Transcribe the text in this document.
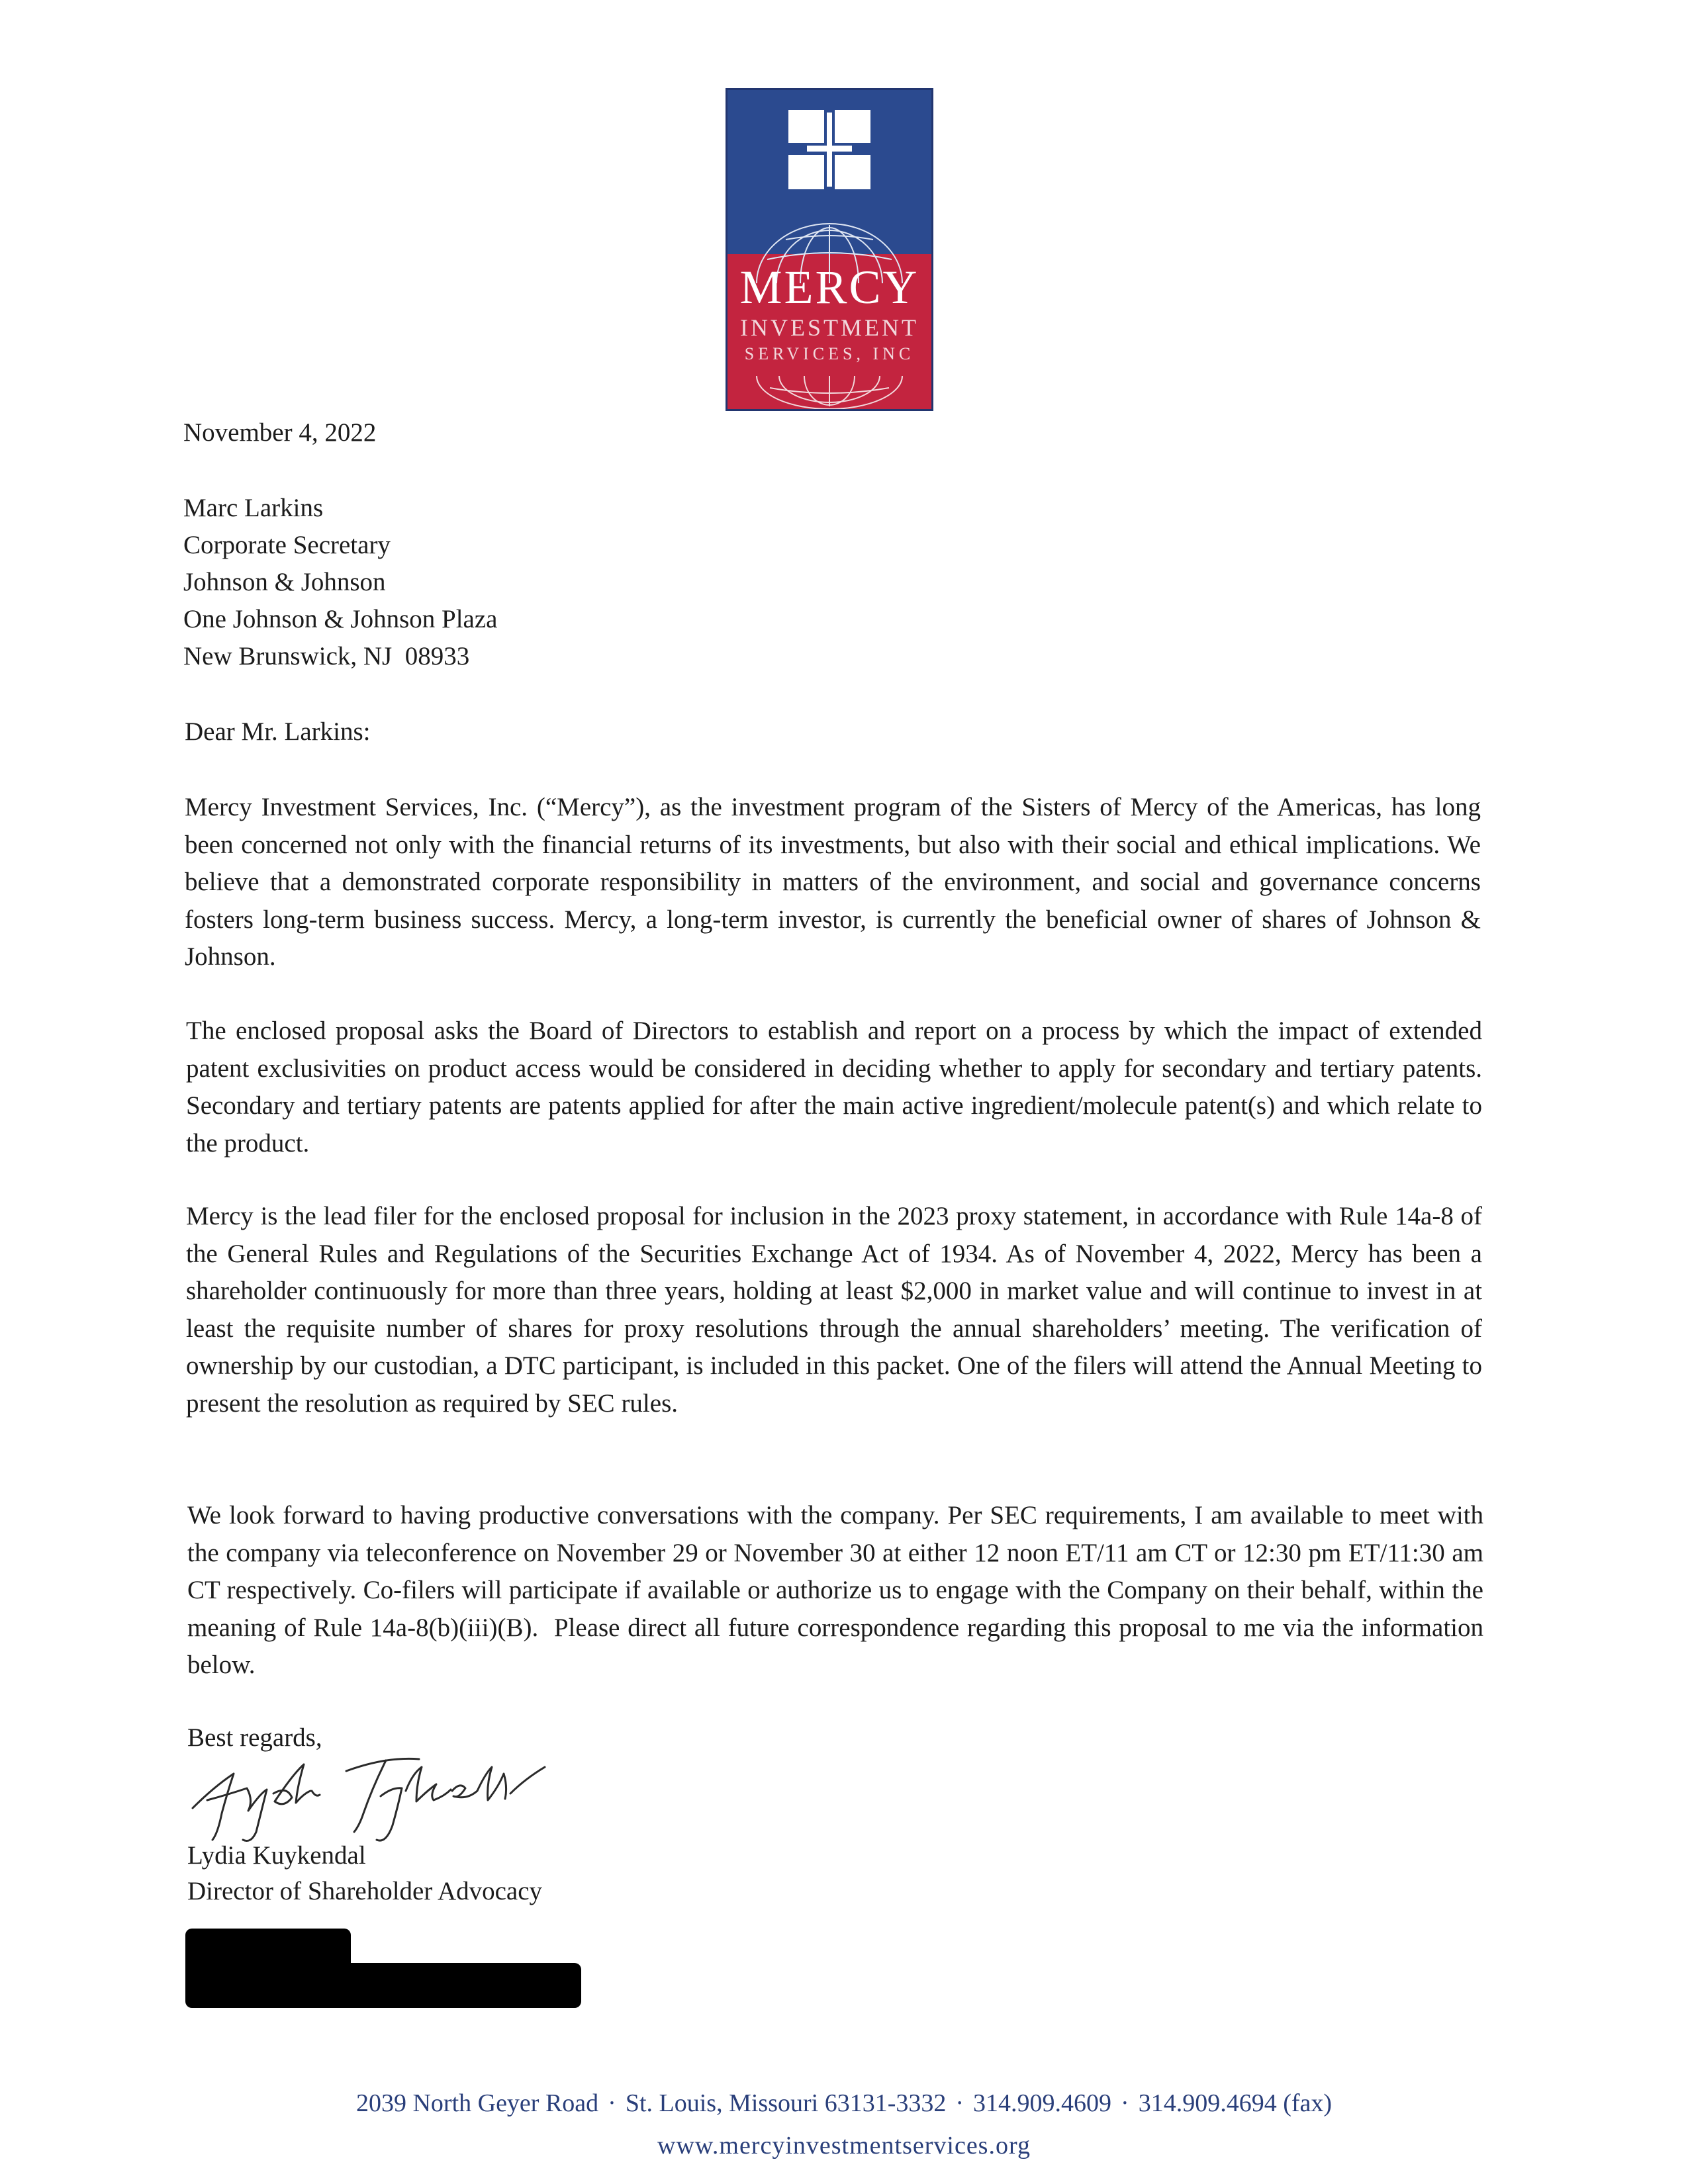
MERCY
INVESTMENT
SERVICES, INC
November 4, 2022
Marc Larkins
Corporate Secretary
Johnson & Johnson
One Johnson & Johnson Plaza
New Brunswick, NJ  08933
Dear Mr. Larkins:
Mercy Investment Services, Inc. (“Mercy”), as the investment program of the Sisters of Mercy of the Americas, has long been concerned not only with the financial returns of its investments, but also with their social and ethical implications. We believe that a demonstrated corporate responsibility in matters of the environment, and social and governance concerns fosters long-term business success. Mercy, a long-term investor, is currently the beneficial owner of shares of Johnson & Johnson.
The enclosed proposal asks the Board of Directors to establish and report on a process by which the impact of extended patent exclusivities on product access would be considered in deciding whether to apply for secondary and tertiary patents. Secondary and tertiary patents are patents applied for after the main active ingredient/molecule patent(s) and which relate to the product.
Mercy is the lead filer for the enclosed proposal for inclusion in the 2023 proxy statement, in accordance with Rule 14a-8 of the General Rules and Regulations of the Securities Exchange Act of 1934. As of November 4, 2022, Mercy has been a shareholder continuously for more than three years, holding at least $2,000 in market value and will continue to invest in at least the requisite number of shares for proxy resolutions through the annual shareholders’ meeting. The verification of ownership by our custodian, a DTC participant, is included in this packet. One of the filers will attend the Annual Meeting to present the resolution as required by SEC rules.
We look forward to having productive conversations with the company. Per SEC requirements, I am available to meet with the company via teleconference on November 29 or November 30 at either 12 noon ET/11 am CT or 12:30 pm ET/11:30 am CT respectively. Co-filers will participate if available or authorize us to engage with the Company on their behalf, within the meaning of Rule 14a-8(b)(iii)(B).  Please direct all future correspondence regarding this proposal to me via the information below.
Best regards,
Lydia Kuykendal
Director of Shareholder Advocacy
2039 North Geyer Road · St. Louis, Missouri 63131-3332 · 314.909.4609 · 314.909.4694 (fax)
www.mercyinvestmentservices.org
